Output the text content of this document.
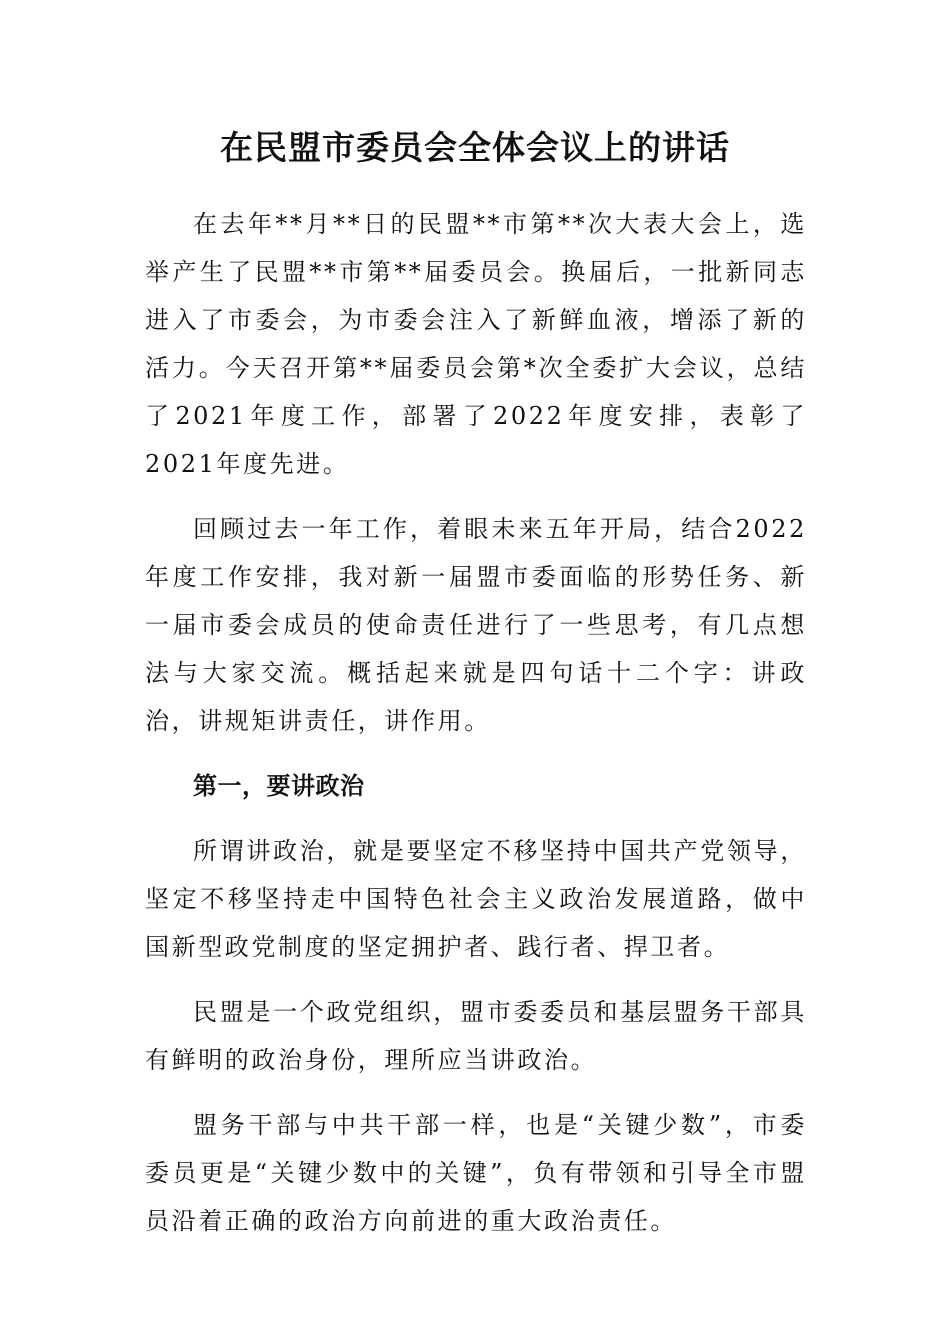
在民盟市委员会全体会议上的讲话

在去年**月**日的民盟**市第**次大表大会上，选举产生了民盟**市第**届委员会。换届后，一批新同志进入了市委会，为市委会注入了新鲜血液，增添了新的活力。今天召开第**届委员会第*次全委扩大会议，总结了2021年度工作，部署了2022年度安排，表彰了2021年度先进。

回顾过去一年工作，着眼未来五年开局，结合2022年度工作安排，我对新一届盟市委面临的形势任务、新一届市委会成员的使命责任进行了一些思考，有几点想法与大家交流。概括起来就是四句话十二个字：讲政治，讲规矩讲责任，讲作用。

第一，要讲政治

所谓讲政治，就是要坚定不移坚持中国共产党领导，坚定不移坚持走中国特色社会主义政治发展道路，做中国新型政党制度的坚定拥护者、践行者、捍卫者。

民盟是一个政党组织，盟市委委员和基层盟务干部具有鲜明的政治身份，理所应当讲政治。

盟务干部与中共干部一样，也是“关键少数”，市委委员更是“关键少数中的关键”，负有带领和引导全市盟员沿着正确的政治方向前进的重大政治责任。
